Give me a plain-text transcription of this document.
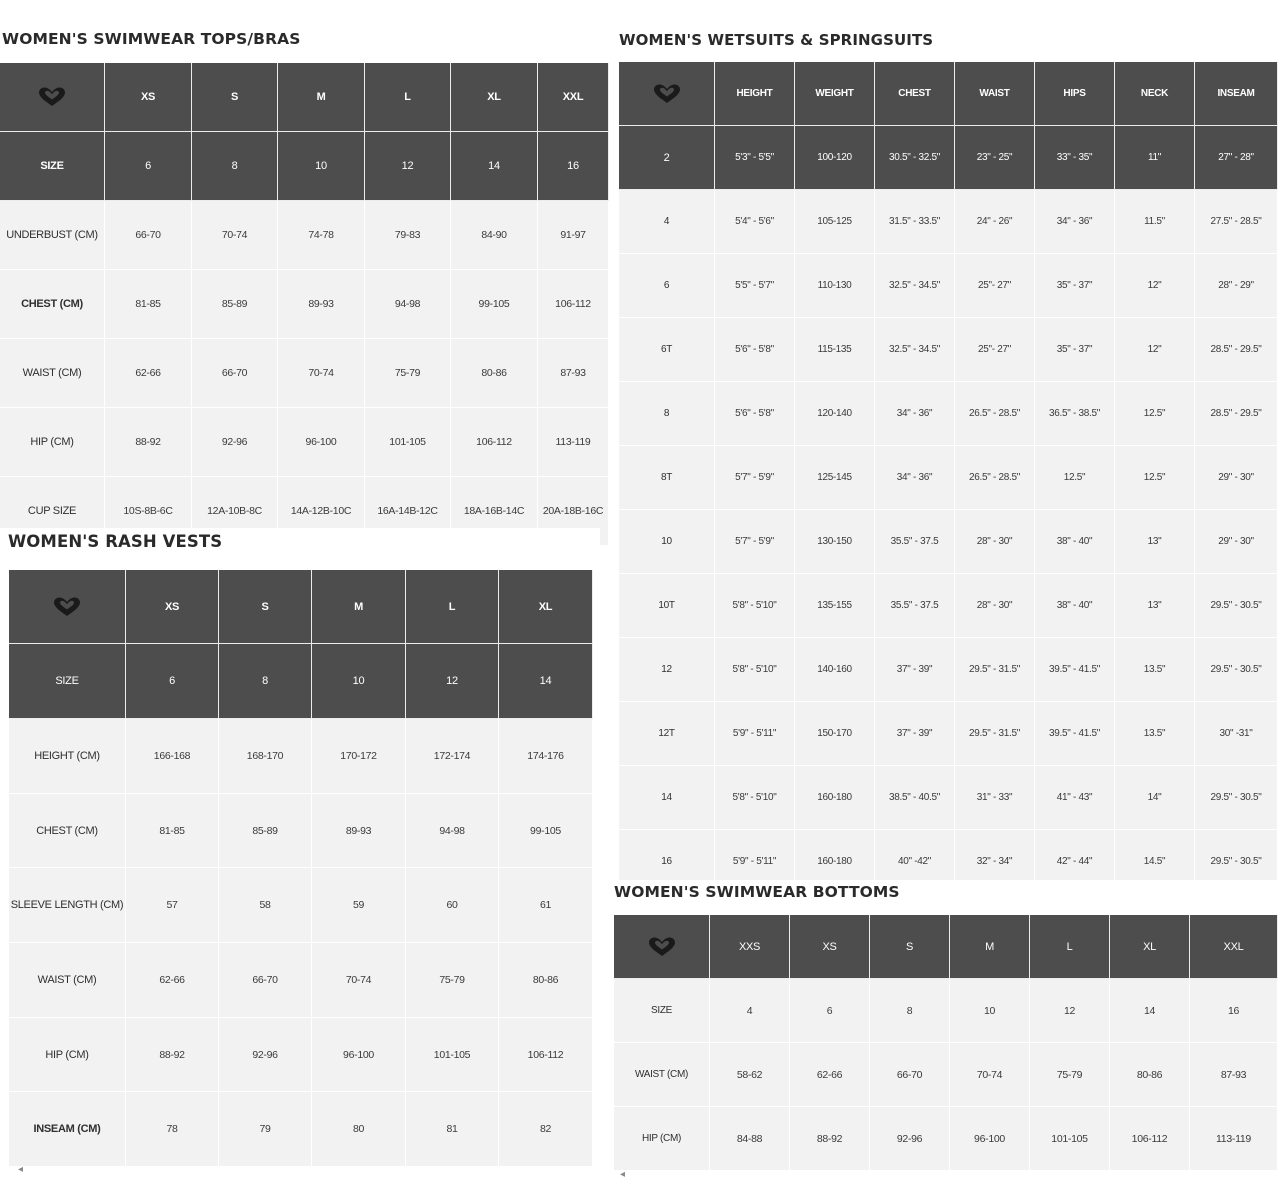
WOMEN'S SWIMWEAR TOPS/BRAS
	XS	S	M	L	XL	XXL
SIZE	6	8	10	12	14	16
UNDERBUST (CM)	66-70	70-74	74-78	79-83	84-90	91-97
CHEST (CM)	81-85	85-89	89-93	94-98	99-105	106-112
WAIST (CM)	62-66	66-70	70-74	75-79	80-86	87-93
HIP (CM)	88-92	92-96	96-100	101-105	106-112	113-119
CUP SIZE	10S-8B-6C	12A-10B-8C	14A-12B-10C	16A-14B-12C	18A-16B-14C	20A-18B-16C
WOMEN'S RASH VESTS
	XS	S	M	L	XL
SIZE	6	8	10	12	14
HEIGHT (CM)	166-168	168-170	170-172	172-174	174-176
CHEST (CM)	81-85	85-89	89-93	94-98	99-105
SLEEVE LENGTH (CM)	57	58	59	60	61
WAIST (CM)	62-66	66-70	70-74	75-79	80-86
HIP (CM)	88-92	92-96	96-100	101-105	106-112
INSEAM (CM)	78	79	80	81	82
WOMEN'S WETSUITS & SPRINGSUITS
	HEIGHT	WEIGHT	CHEST	WAIST	HIPS	NECK	INSEAM
2	5'3" - 5'5"	100-120	30.5" - 32.5"	23" - 25"	33" - 35"	11"	27" - 28"
4	5'4" - 5'6"	105-125	31.5" - 33.5"	24" - 26"	34" - 36"	11.5"	27.5" - 28.5"
6	5'5" - 5'7"	110-130	32.5" - 34.5"	25"- 27"	35" - 37"	12"	28" - 29"
6T	5'6" - 5'8"	115-135	32.5" - 34.5"	25"- 27"	35" - 37"	12"	28.5" - 29.5"
8	5'6" - 5'8"	120-140	34" - 36"	26.5" - 28.5"	36.5" - 38.5"	12.5"	28.5" - 29.5"
8T	5'7" - 5'9"	125-145	34" - 36"	26.5" - 28.5"	12.5"	12.5"	29" - 30"
10	5'7" - 5'9"	130-150	35.5" - 37.5	28" - 30"	38" - 40"	13"	29" - 30"
10T	5'8" - 5'10"	135-155	35.5" - 37.5	28" - 30"	38" - 40"	13"	29.5" - 30.5"
12	5'8" - 5'10"	140-160	37" - 39"	29.5" - 31.5"	39.5" - 41.5"	13.5"	29.5" - 30.5"
12T	5'9" - 5'11"	150-170	37" - 39"	29.5" - 31.5"	39.5" - 41.5"	13.5"	30" -31"
14	5'8" - 5'10"	160-180	38.5" - 40.5"	31" - 33"	41" - 43"	14"	29.5" - 30.5"
16	5'9" - 5'11"	160-180	40" -42"	32" - 34"	42" - 44"	14.5"	29.5" - 30.5"
WOMEN'S SWIMWEAR BOTTOMS
	XXS	XS	S	M	L	XL	XXL
SIZE	4	6	8	10	12	14	16
WAIST (CM)	58-62	62-66	66-70	70-74	75-79	80-86	87-93
HIP (CM)	84-88	88-92	92-96	96-100	101-105	106-112	113-119
◂	◂
